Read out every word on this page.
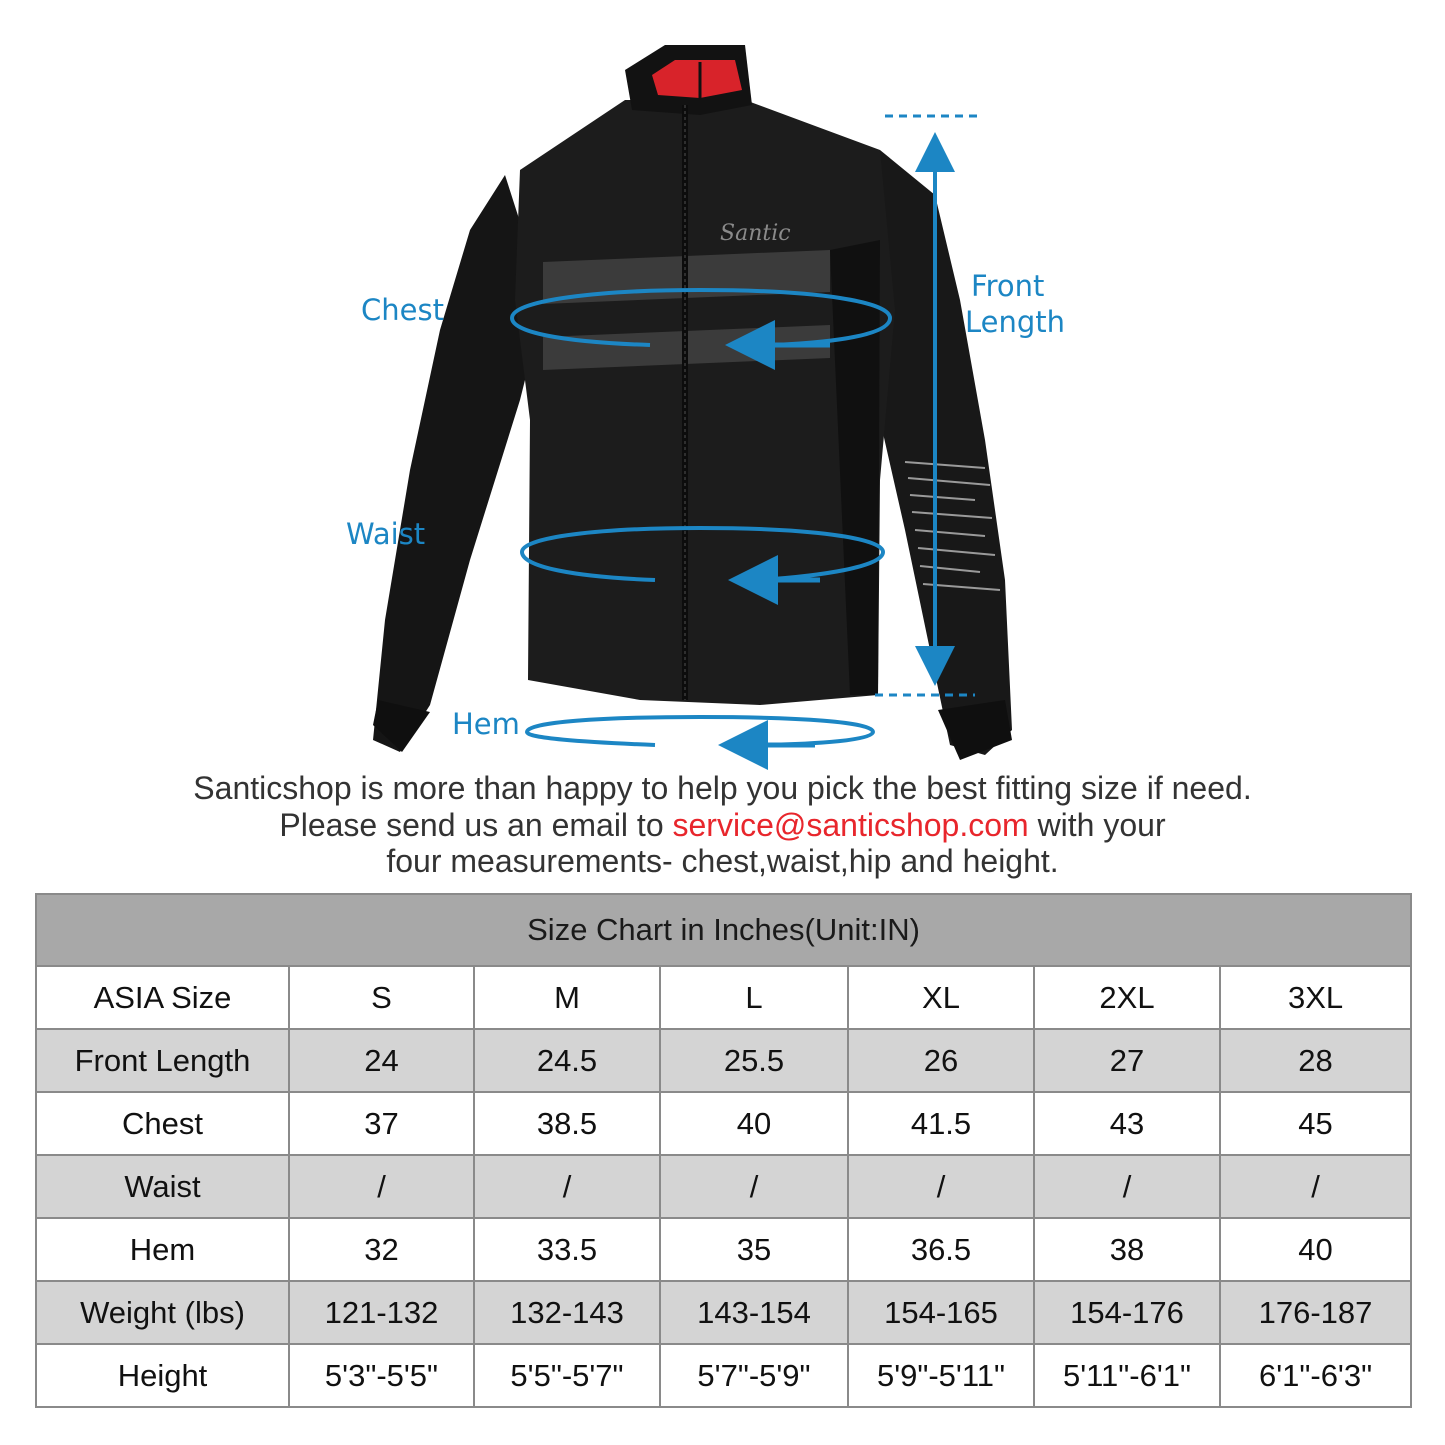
Santic
Chest
Waist
Hem
Front
Length
Santicshop is more than happy to help you pick the best fitting size if need.
Please send us an email to service@santicshop.com with your
four measurements- chest,waist,hip and height.
Size Chart in Inches(Unit:IN)						
ASIA Size	S	M	L	XL	2XL	3XL
Front Length	24	24.5	25.5	26	27	28
Chest	37	38.5	40	41.5	43	45
Waist	/	/	/	/	/	/
Hem	32	33.5	35	36.5	38	40
Weight (lbs)	121-132	132-143	143-154	154-165	154-176	176-187
Height	5'3"-5'5"	5'5"-5'7"	5'7"-5'9"	5'9"-5'11"	5'11"-6'1"	6'1"-6'3"
